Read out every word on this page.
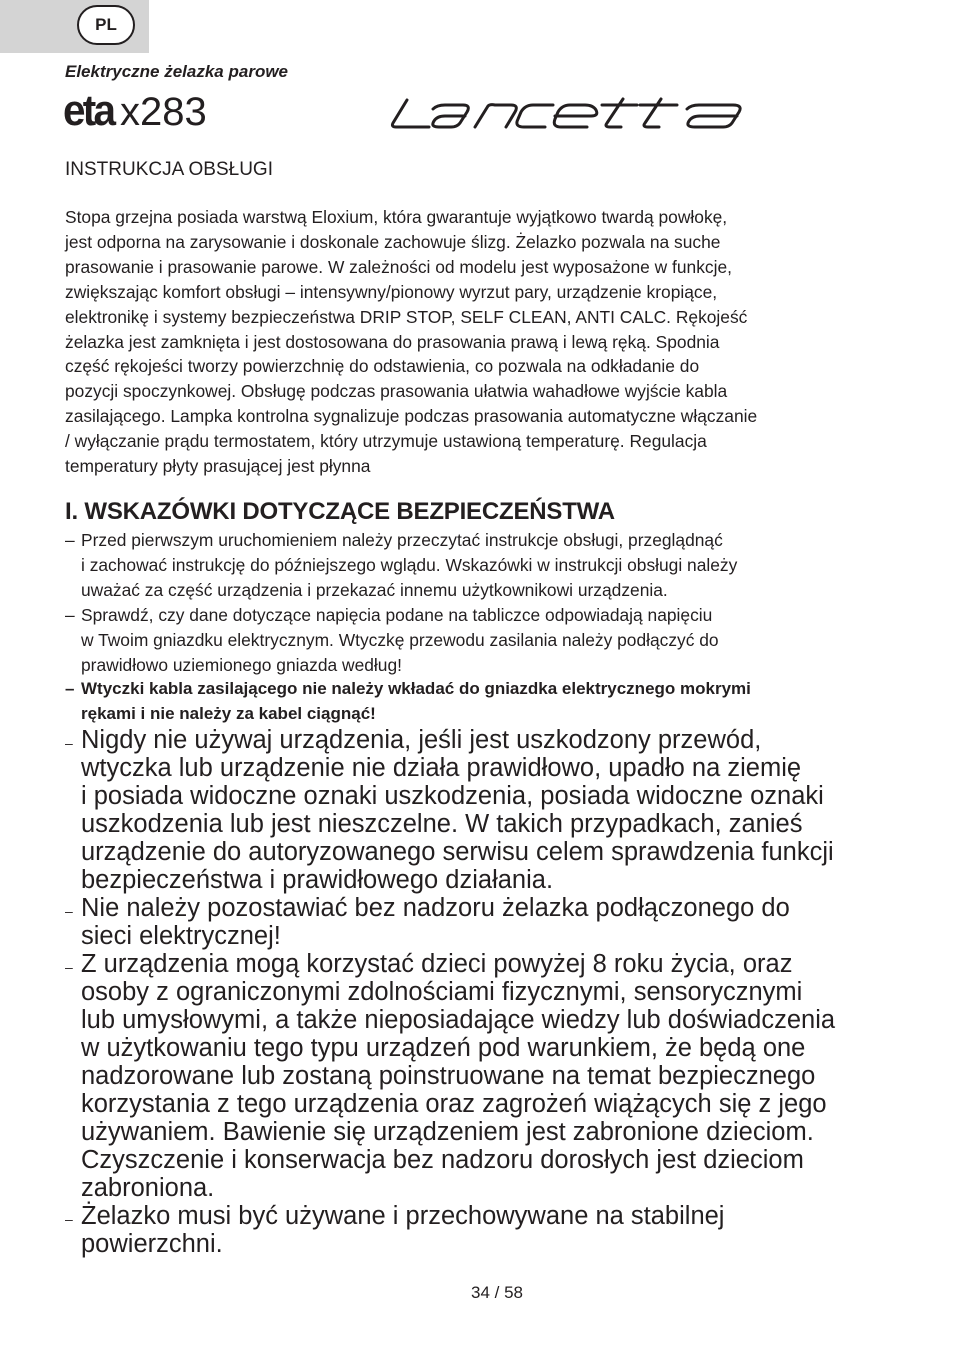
PL
Elektryczne żelazka parowe
eta x283
INSTRUKCJA OBSŁUGI
Stopa grzejna posiada warstwą Eloxium, która gwarantuje wyjątkowo twardą powłokę,
jest odporna na zarysowanie i doskonale zachowuje ślizg. Żelazko pozwala na suche
prasowanie i prasowanie parowe. W zależności od modelu jest wyposażone w funkcje,
zwiększając komfort obsługi – intensywny/pionowy wyrzut pary, urządzenie kropiące,
elektronikę i systemy bezpieczeństwa DRIP STOP, SELF CLEAN, ANTI CALC. Rękojeść
żelazka jest zamknięta i jest dostosowana do prasowania prawą i lewą ręką. Spodnia
część rękojeści tworzy powierzchnię do odstawienia, co pozwala na odkładanie do
pozycji spoczynkowej. Obsługę podczas prasowania ułatwia wahadłowe wyjście kabla
zasilającego. Lampka kontrolna sygnalizuje podczas prasowania automatyczne włączanie
/ wyłączanie prądu termostatem, który utrzymuje ustawioną temperaturę. Regulacja
temperatury płyty prasującej jest płynna
I. WSKAZÓWKI DOTYCZĄCE BEZPIECZEŃSTWA
– Przed pierwszym uruchomieniem należy przeczytać instrukcje obsługi, przeglądnąć
i zachować instrukcję do późniejszego wglądu. Wskazówki w instrukcji obsługi należy
uważać za część urządzenia i przekazać innemu użytkownikowi urządzenia.
– Sprawdź, czy dane dotyczące napięcia podane na tabliczce odpowiadają napięciu
w Twoim gniazdku elektrycznym. Wtyczkę przewodu zasilania należy podłączyć do
prawidłowo uziemionego gniazda według!
– Wtyczki kabla zasilającego nie należy wkładać do gniazdka elektrycznego mokrymi
rękami i nie należy za kabel ciągnąć!
– Nigdy nie używaj urządzenia, jeśli jest uszkodzony przewód,
wtyczka lub urządzenie nie działa prawidłowo, upadło na ziemię
i posiada widoczne oznaki uszkodzenia, posiada widoczne oznaki
uszkodzenia lub jest nieszczelne. W takich przypadkach, zanieś
urządzenie do autoryzowanego serwisu celem sprawdzenia funkcji
bezpieczeństwa i prawidłowego działania.
– Nie należy pozostawiać bez nadzoru żelazka podłączonego do
sieci elektrycznej!
– Z urządzenia mogą korzystać dzieci powyżej 8 roku życia, oraz
osoby z ograniczonymi zdolnościami fizycznymi, sensorycznymi
lub umysłowymi, a także nieposiadające wiedzy lub doświadczenia
w użytkowaniu tego typu urządzeń pod warunkiem, że będą one
nadzorowane lub zostaną poinstruowane na temat bezpiecznego
korzystania z tego urządzenia oraz zagrożeń wiążących się z jego
używaniem. Bawienie się urządzeniem jest zabronione dzieciom.
Czyszczenie i konserwacja bez nadzoru dorosłych jest dzieciom
zabroniona.
– Żelazko musi być używane i przechowywane na stabilnej
powierzchni.
34 / 58
